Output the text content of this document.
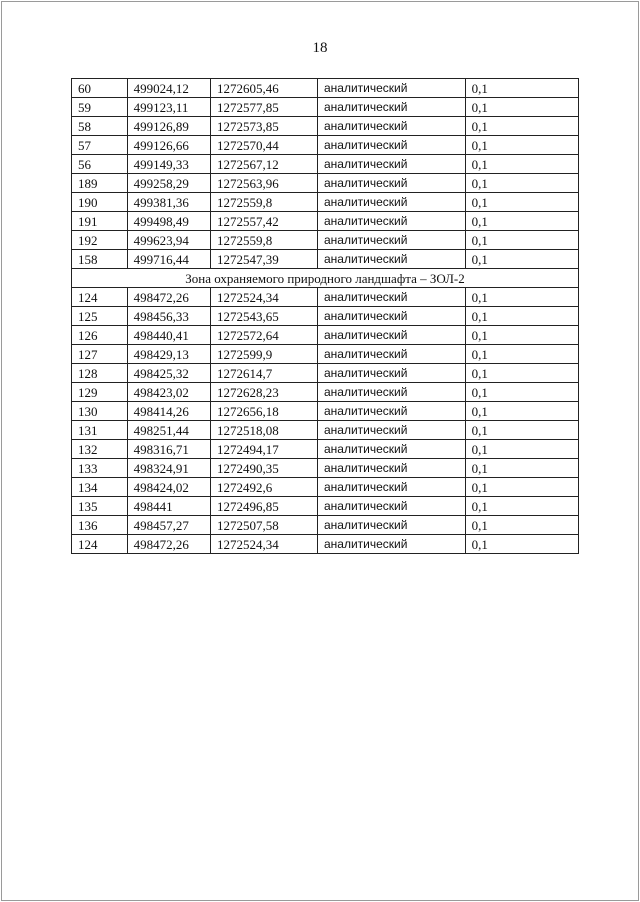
18
60	499024,12	1272605,46	аналитический	0,1
59	499123,11	1272577,85	аналитический	0,1
58	499126,89	1272573,85	аналитический	0,1
57	499126,66	1272570,44	аналитический	0,1
56	499149,33	1272567,12	аналитический	0,1
189	499258,29	1272563,96	аналитический	0,1
190	499381,36	1272559,8	аналитический	0,1
191	499498,49	1272557,42	аналитический	0,1
192	499623,94	1272559,8	аналитический	0,1
158	499716,44	1272547,39	аналитический	0,1
Зона охраняемого природного ландшафта – ЗОЛ-2				
124	498472,26	1272524,34	аналитический	0,1
125	498456,33	1272543,65	аналитический	0,1
126	498440,41	1272572,64	аналитический	0,1
127	498429,13	1272599,9	аналитический	0,1
128	498425,32	1272614,7	аналитический	0,1
129	498423,02	1272628,23	аналитический	0,1
130	498414,26	1272656,18	аналитический	0,1
131	498251,44	1272518,08	аналитический	0,1
132	498316,71	1272494,17	аналитический	0,1
133	498324,91	1272490,35	аналитический	0,1
134	498424,02	1272492,6	аналитический	0,1
135	498441	1272496,85	аналитический	0,1
136	498457,27	1272507,58	аналитический	0,1
124	498472,26	1272524,34	аналитический	0,1
